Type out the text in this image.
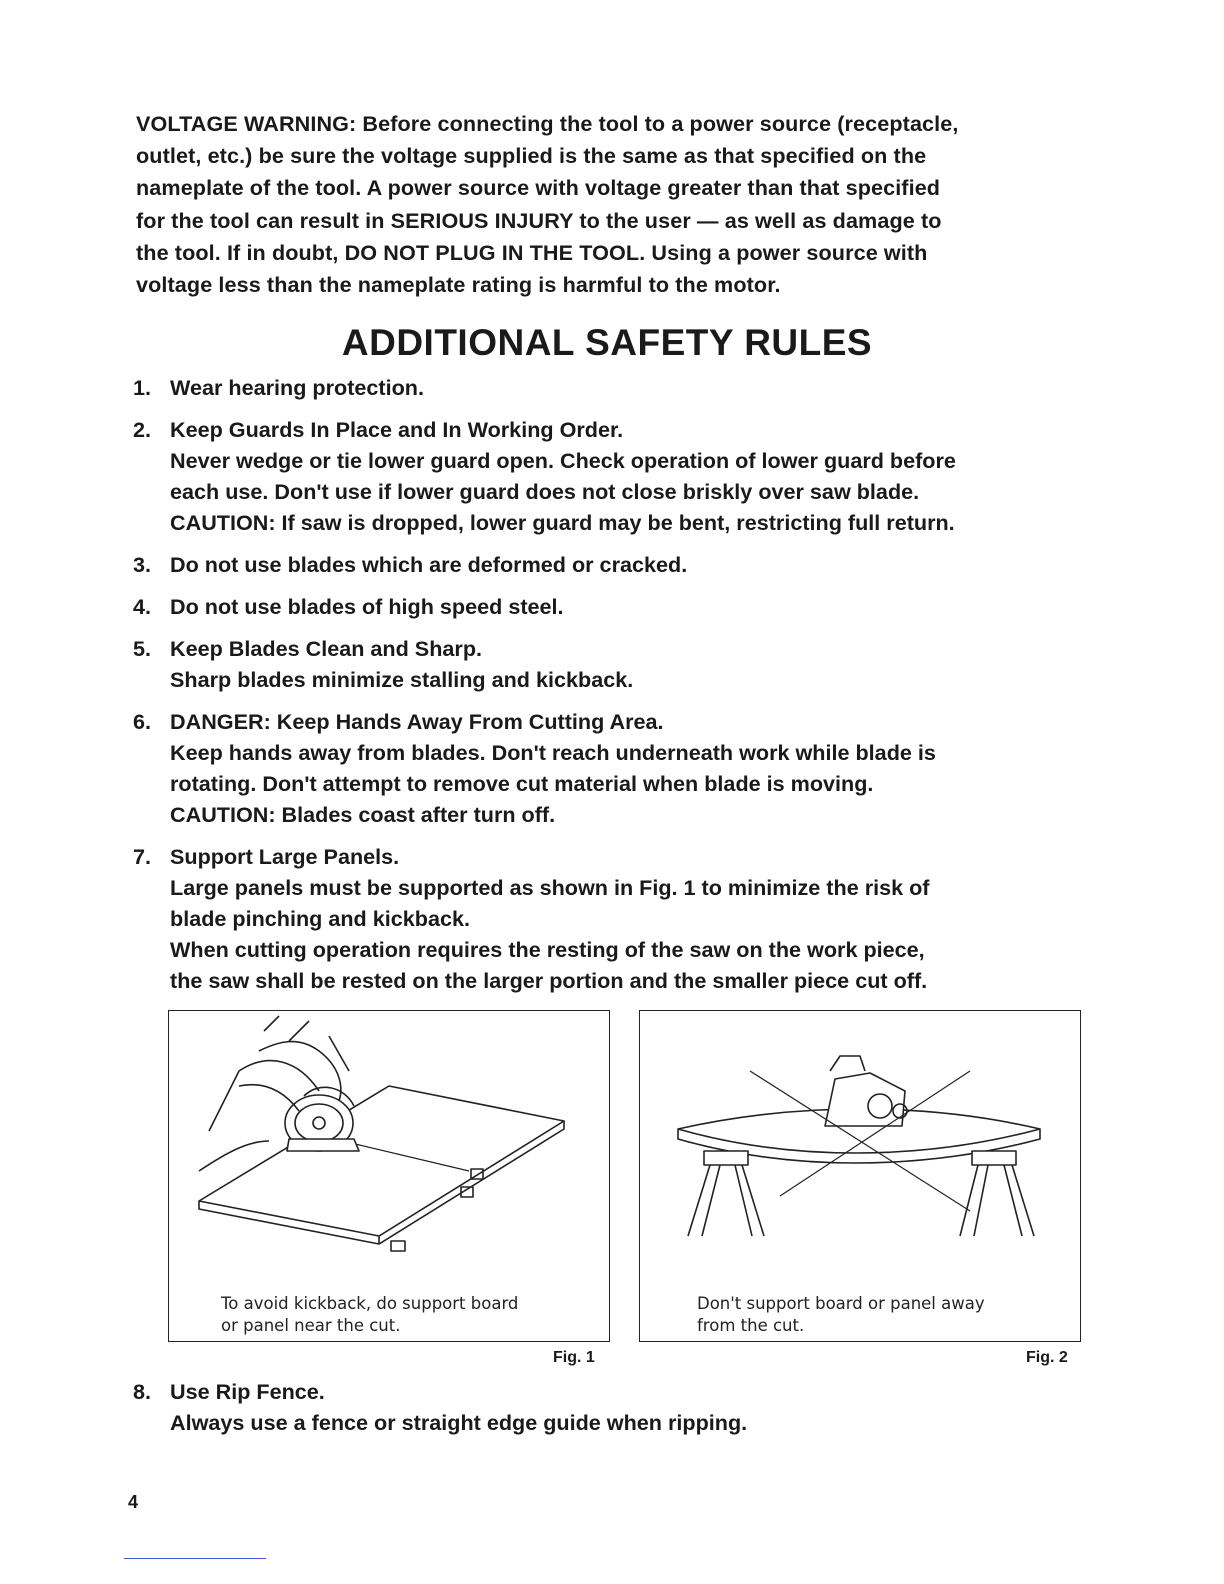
VOLTAGE WARNING: Before connecting the tool to a power source (receptacle,
outlet, etc.) be sure the voltage supplied is the same as that specified on the
nameplate of the tool. A power source with voltage greater than that specified
for the tool can result in SERIOUS INJURY to the user — as well as damage to
the tool. If in doubt, DO NOT PLUG IN THE TOOL. Using a power source with
voltage less than the nameplate rating is harmful to the motor.
ADDITIONAL SAFETY RULES
1. Wear hearing protection.
2. Keep Guards In Place and In Working Order.
Never wedge or tie lower guard open. Check operation of lower guard before
each use. Don't use if lower guard does not close briskly over saw blade.
CAUTION: If saw is dropped, lower guard may be bent, restricting full return.
3. Do not use blades which are deformed or cracked.
4. Do not use blades of high speed steel.
5. Keep Blades Clean and Sharp.
Sharp blades minimize stalling and kickback.
6. DANGER: Keep Hands Away From Cutting Area.
Keep hands away from blades. Don't reach underneath work while blade is
rotating. Don't attempt to remove cut material when blade is moving.
CAUTION: Blades coast after turn off.
7. Support Large Panels.
Large panels must be supported as shown in Fig. 1 to minimize the risk of
blade pinching and kickback.
When cutting operation requires the resting of the saw on the work piece,
the saw shall be rested on the larger portion and the smaller piece cut off.
To avoid kickback, do support board
or panel near the cut.
Fig. 1
Don't support board or panel away
from the cut.
Fig. 2
8. Use Rip Fence.
Always use a fence or straight edge guide when ripping.
4
